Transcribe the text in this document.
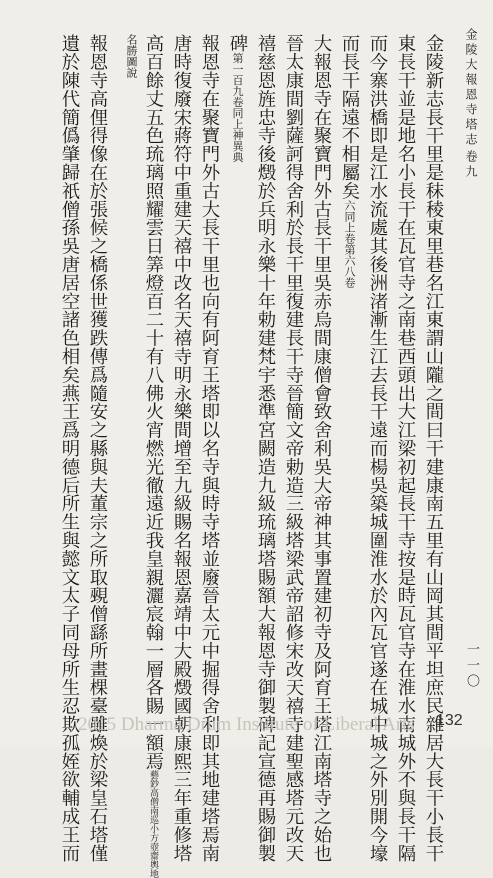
金陵大報恩寺塔志
卷九
一一〇
金陵新志長干里是秣稜東里巷名江東謂山隴之間曰干建康南五里有山岡其間平坦庶民雜居大長干小長干
東長干並是地名小長干在瓦官寺之南巷西頭出大江梁初起長干寺按是時瓦官寺在淮水南城外不與長干隔
而今寨洪橋即是江水流處其後洲渚漸生江去長干遠而楊吳築城圍淮水於內瓦官遂在城中城之外別開今壕
而長干隔遠不相屬矣六同上卷第六八卷
大報恩寺在聚寶門外古長干里吳赤烏間康僧會致舍利吳大帝神其事置建初寺及阿育王塔江南塔寺之始也
晉太康間劉薩訶得舍利於長干里復建長干寺晉簡文帝勅造三級塔梁武帝詔修宋改天禧寺建聖感塔元改天
禧慈恩旌忠寺後燬於兵明永樂十年勅建梵宇悉準宮闕造九級琉璃塔賜額大報恩寺御製碑記宣德再賜御製
碑第一百九卷同上神異典
報恩寺在聚寶門外古大長干里也向有阿育王塔即以名寺與時寺塔並廢晉太元中掘得舍利即其地建塔焉南
唐時復廢宋蔣符中重建天禧中改名天禧寺明永樂間增至九級賜名報恩嘉靖中大殿燬國朝康熙三年重修塔
高百餘丈五色琉璃照耀雲日筭燈百二十有八佛火宵燃光徹遠近我皇親灑宸翰一層各賜一額焉藝鈔高僧南巡小方壺齋輿地
名勝圖說
報恩寺高俚得像在於張候之橋係世獲跌傳爲隨安之縣與夫董宗之所取覡僧繇所畫棵臺雖煥於梁皇石塔僅
遺於陳代簡僞肇歸祇僧孫吳唐居空諸色相矣燕王爲明德后所生與懿文太子同母所生忍欺孤姪欲輔成王而
2015 Dharma Drum Institute of Liberal Arts	132
